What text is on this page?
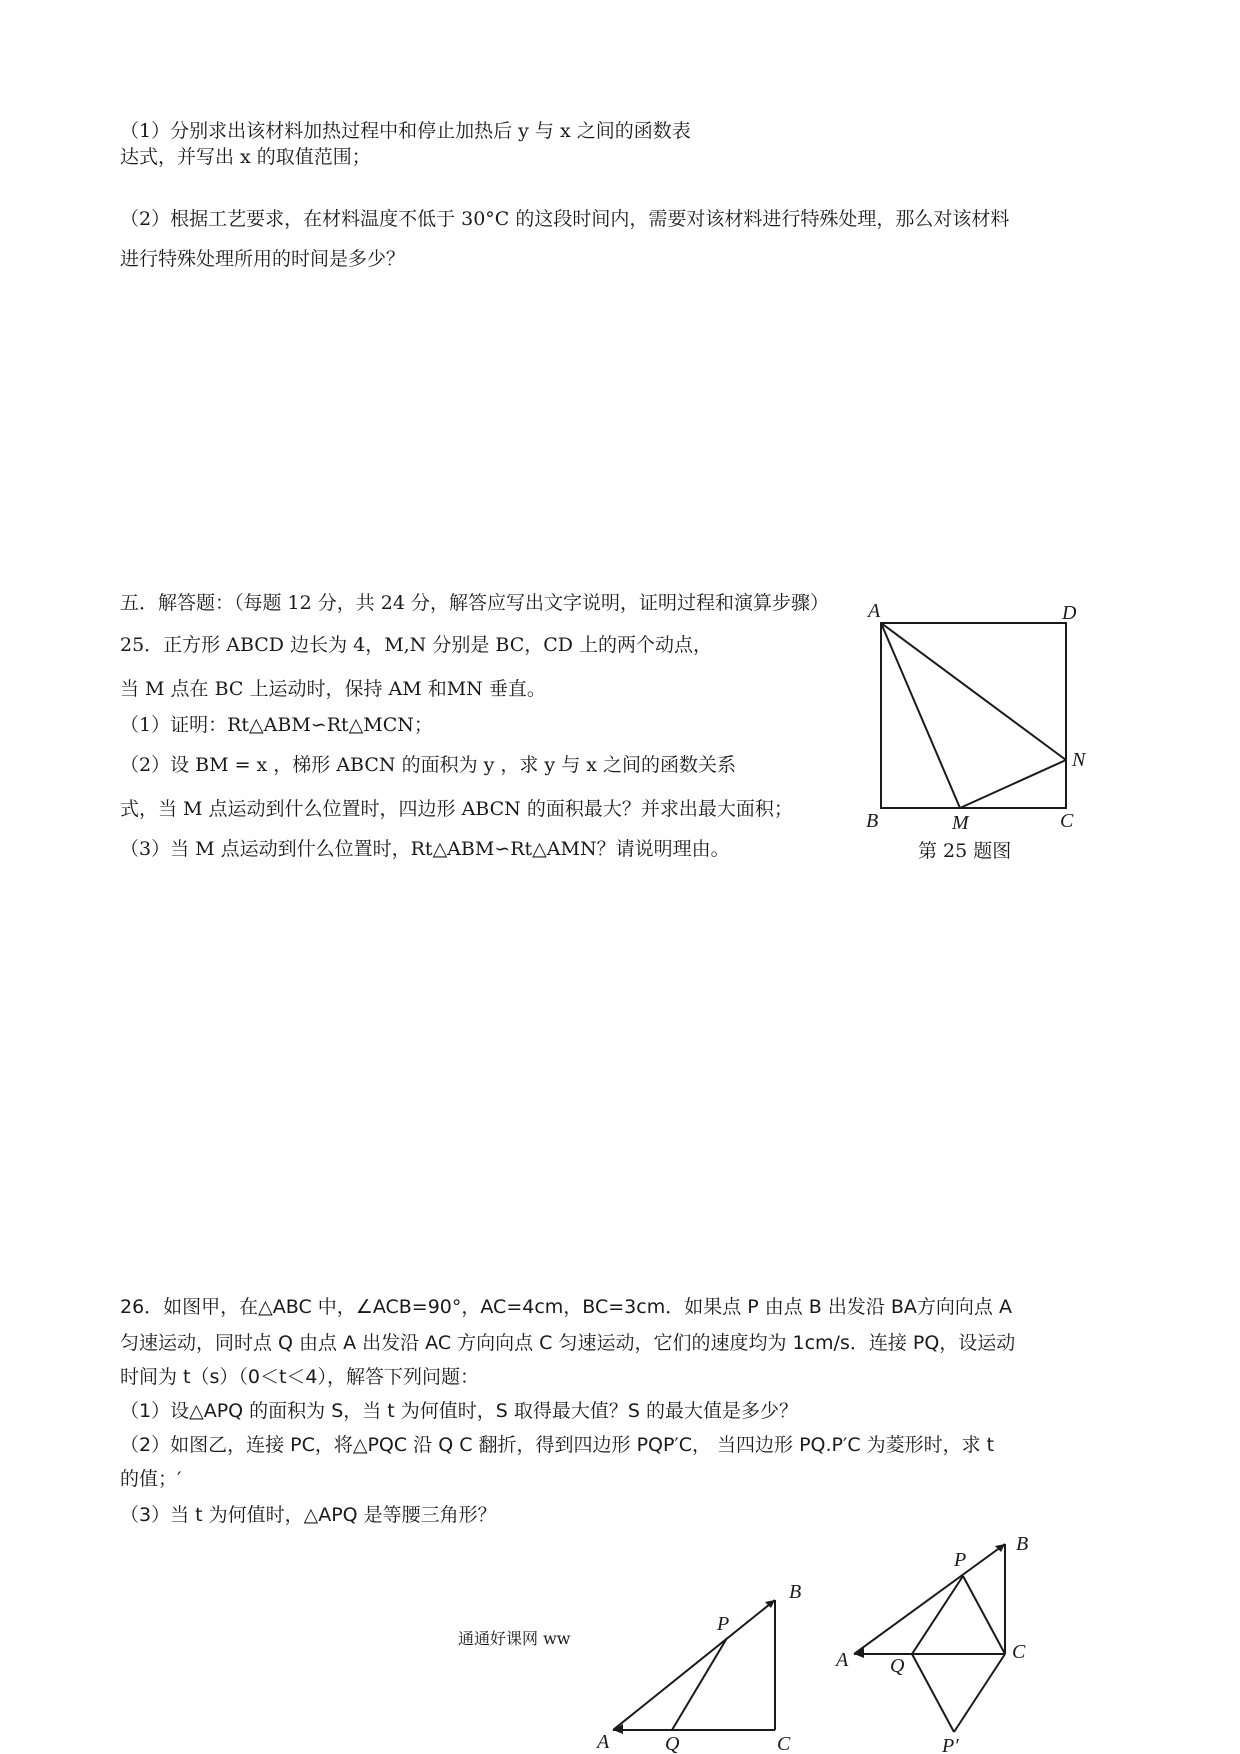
（1）分别求出该材料加热过程中和停止加热后 y 与 x 之间的函数表
达式，并写出 x 的取值范围；
（2）根据工艺要求，在材料温度不低于 30°C 的这段时间内，需要对该材料进行特殊处理，那么对该材料
进行特殊处理所用的时间是多少？
五．解答题：（每题 12 分，共 24 分，解答应写出文字说明，证明过程和演算步骤）
25．正方形 ABCD 边长为 4，M,N 分别是 BC，CD 上的两个动点，
当 M 点在 BC 上运动时，保持 AM 和MN 垂直。
（1）证明：Rt△ABM∽Rt△MCN；
（2）设 BM = x ，梯形 ABCN 的面积为 y ，求 y 与 x 之间的函数关系
式，当 M 点运动到什么位置时，四边形 ABCN 的面积最大？并求出最大面积；
（3）当 M 点运动到什么位置时，Rt△ABM∽Rt△AMN？请说明理由。
A	D
N
B	M	C
第 25 题图
26．如图甲，在△ABC 中，∠ACB=90°，AC=4cm，BC=3cm．如果点 P 由点 B 出发沿 BA方向向点 A
匀速运动，同时点 Q 由点 A 出发沿 AC 方向向点 C 匀速运动，它们的速度均为 1cm/s．连接 PQ，设运动
时间为 t（s）（0＜t＜4），解答下列问题：
（1）设△APQ 的面积为 S，当 t 为何值时，S 取得最大值？S 的最大值是多少？
（2）如图乙，连接 PC，将△PQC 沿 Q C 翻折，得到四边形 PQP′C， 当四边形 PQ.P′C 为菱形时，求 t
的值；′
（3）当 t 为何值时，△APQ 是等腰三角形？
A	Q	C
P
B
A Q
C
P
B
P′
通通好课网 ww
